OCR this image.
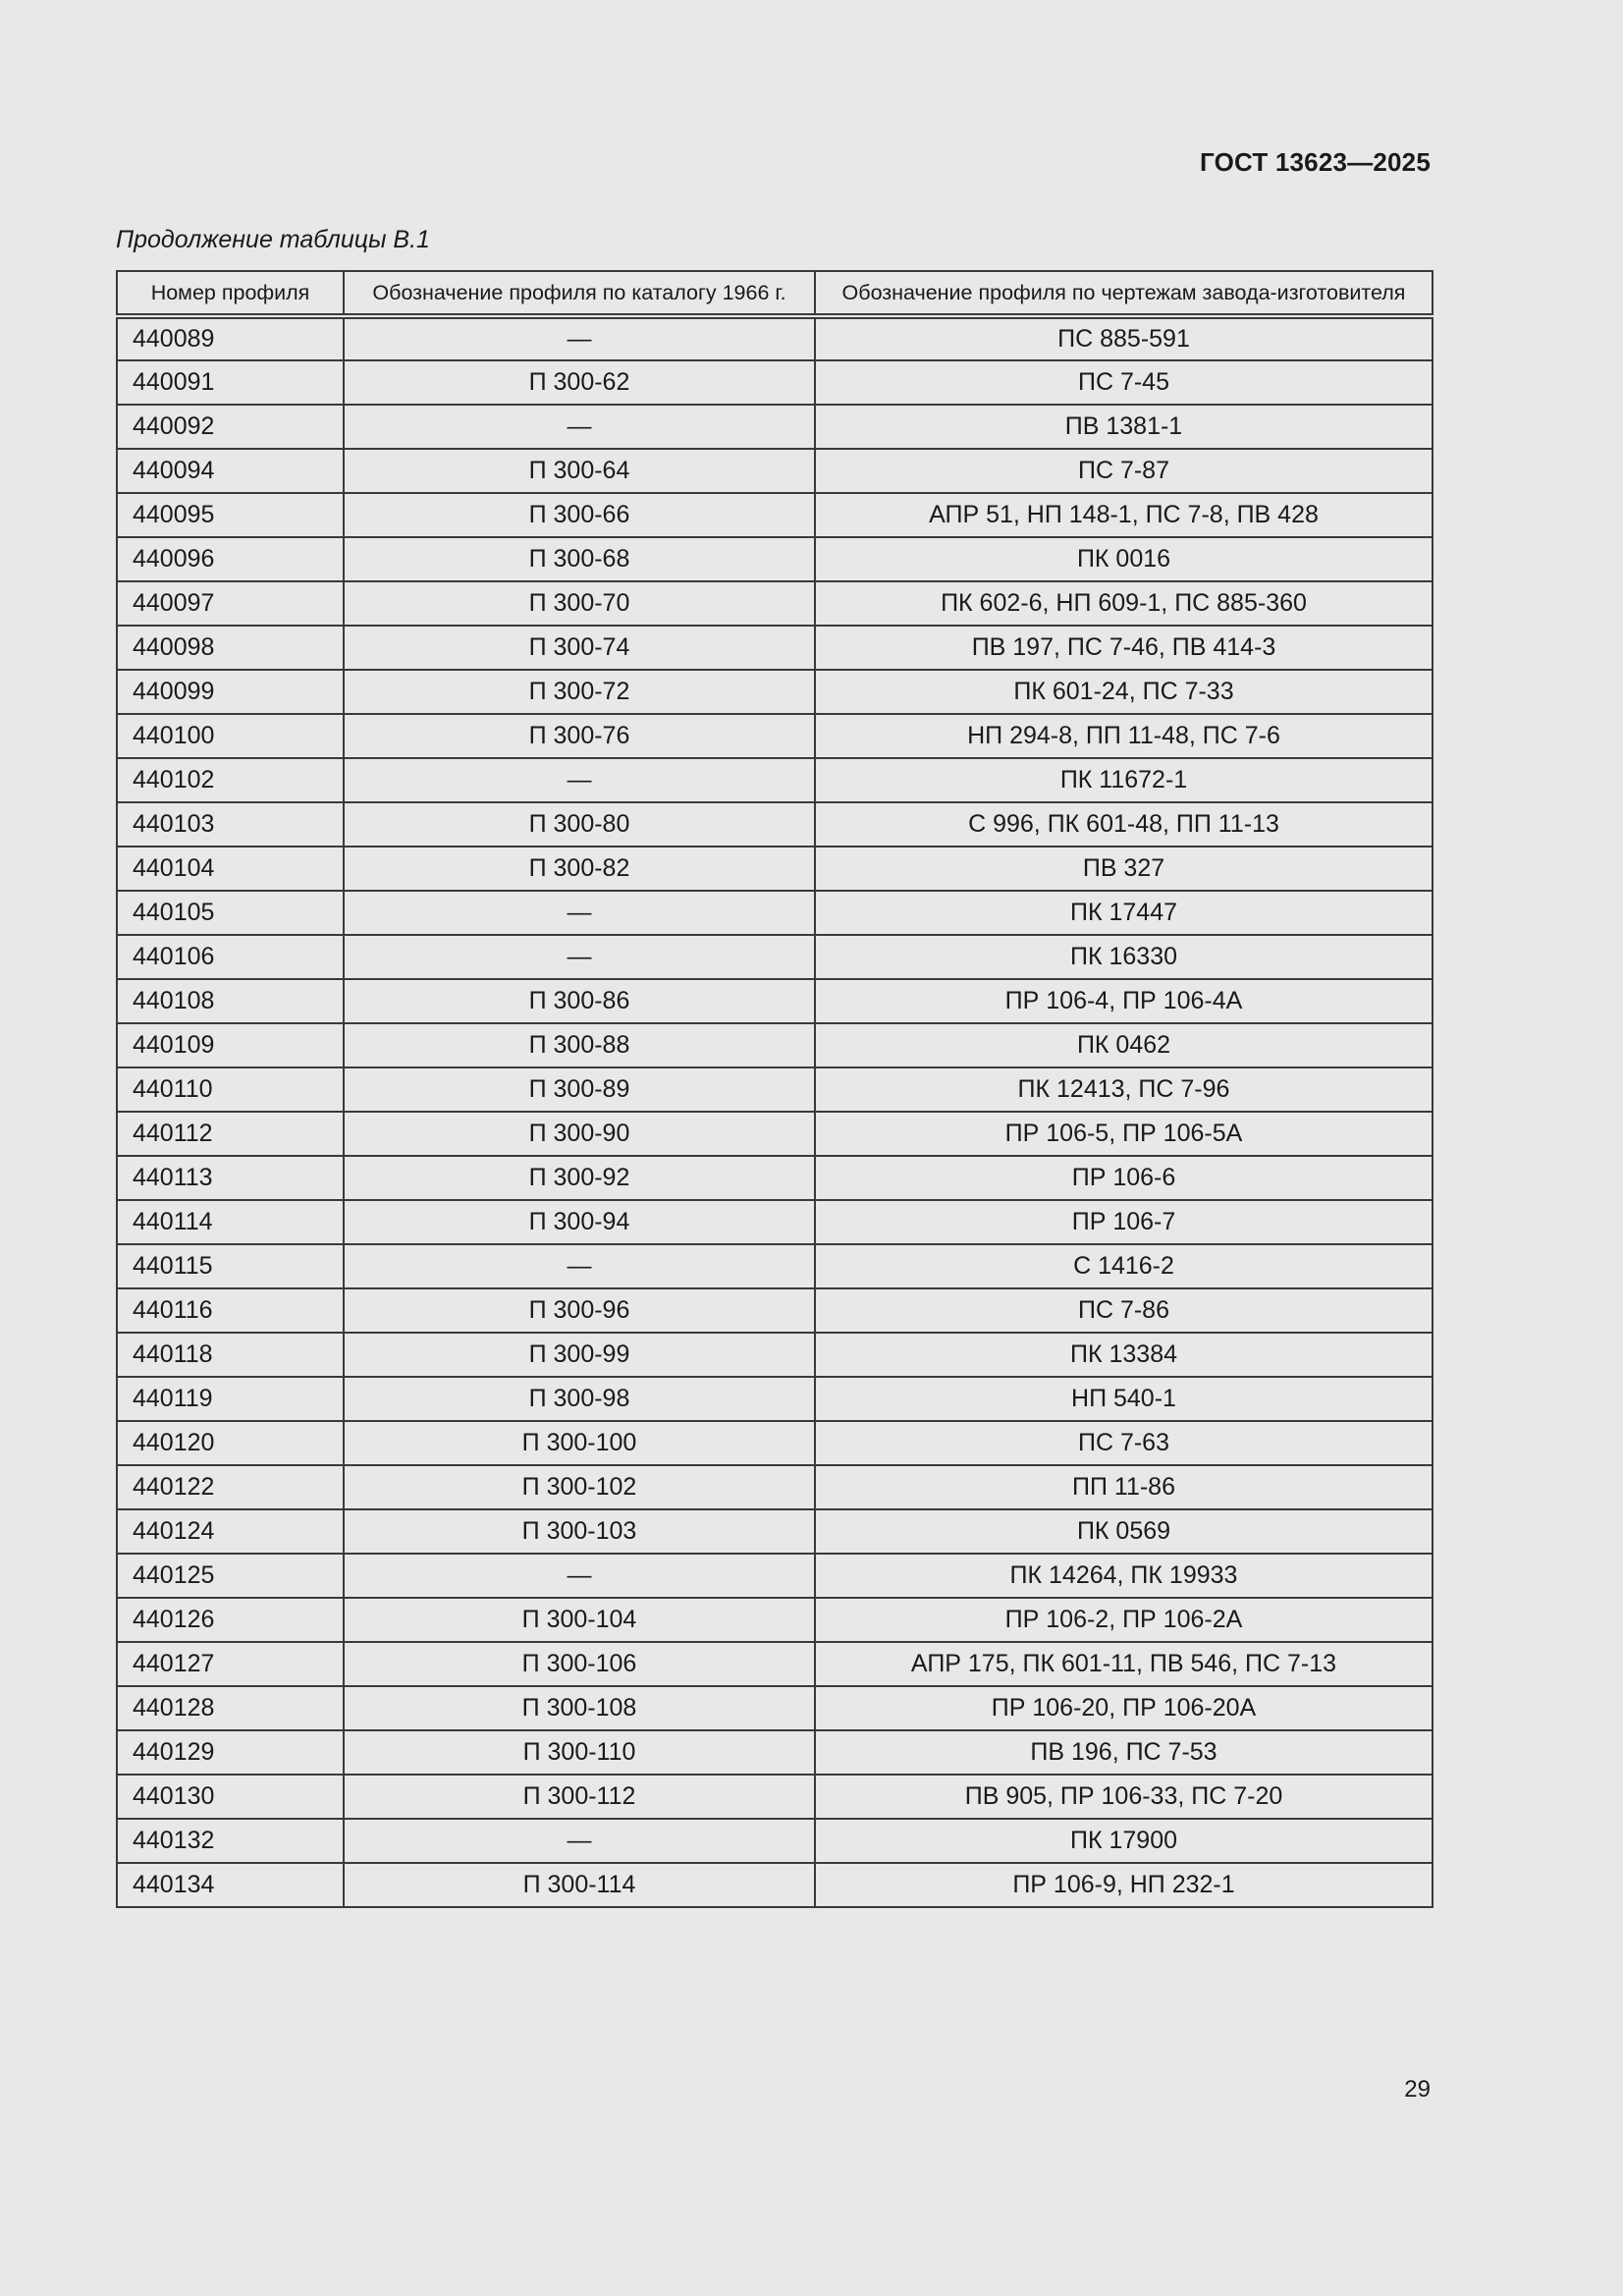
ГОСТ 13623—2025
Продолжение таблицы В.1
Номер профиля	Обозначение профиля по каталогу 1966 г.	Обозначение профиля по чертежам завода-изготовителя
440089	—	ПС 885-591
440091	П 300-62	ПС 7-45
440092	—	ПВ 1381-1
440094	П 300-64	ПС 7-87
440095	П 300-66	АПР 51, НП 148-1, ПС 7-8, ПВ 428
440096	П 300-68	ПК 0016
440097	П 300-70	ПК 602-6, НП 609-1, ПС 885-360
440098	П 300-74	ПВ 197, ПС 7-46, ПВ 414-3
440099	П 300-72	ПК 601-24, ПС 7-33
440100	П 300-76	НП 294-8, ПП 11-48, ПС 7-6
440102	—	ПК 11672-1
440103	П 300-80	С 996, ПК 601-48, ПП 11-13
440104	П 300-82	ПВ 327
440105	—	ПК 17447
440106	—	ПК 16330
440108	П 300-86	ПР 106-4, ПР 106-4А
440109	П 300-88	ПК 0462
440110	П 300-89	ПК 12413, ПС 7-96
440112	П 300-90	ПР 106-5, ПР 106-5А
440113	П 300-92	ПР 106-6
440114	П 300-94	ПР 106-7
440115	—	С 1416-2
440116	П 300-96	ПС 7-86
440118	П 300-99	ПК 13384
440119	П 300-98	НП 540-1
440120	П 300-100	ПС 7-63
440122	П 300-102	ПП 11-86
440124	П 300-103	ПК 0569
440125	—	ПК 14264, ПК 19933
440126	П 300-104	ПР 106-2, ПР 106-2А
440127	П 300-106	АПР 175, ПК 601-11, ПВ 546, ПС 7-13
440128	П 300-108	ПР 106-20, ПР 106-20А
440129	П 300-110	ПВ 196, ПС 7-53
440130	П 300-112	ПВ 905, ПР 106-33, ПС 7-20
440132	—	ПК 17900
440134	П 300-114	ПР 106-9, НП 232-1
29
